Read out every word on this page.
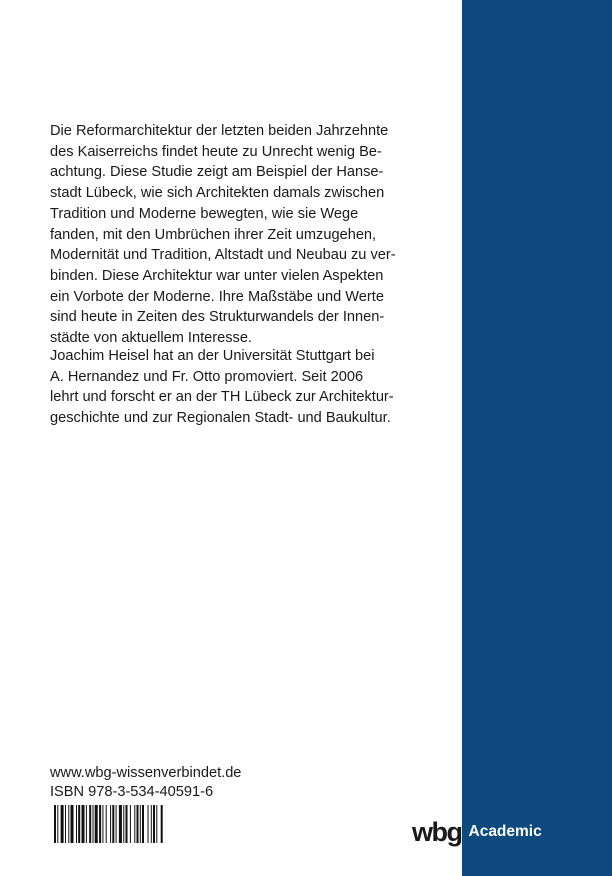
Die Reformarchitektur der letzten beiden Jahrzehnte
des Kaiserreichs findet heute zu Unrecht wenig Be-
achtung. Diese Studie zeigt am Beispiel der Hanse-
stadt Lübeck, wie sich Architekten damals zwischen
Tradition und Moderne bewegten, wie sie Wege
fanden, mit den Umbrüchen ihrer Zeit umzugehen,
Modernität und Tradition, Altstadt und Neubau zu ver-
binden. Diese Architektur war unter vielen Aspekten
ein Vorbote der Moderne. Ihre Maßstäbe und Werte
sind heute in Zeiten des Strukturwandels der Innen-
städte von aktuellem Interesse.
Joachim Heisel hat an der Universität Stuttgart bei
A. Hernandez und Fr. Otto promoviert. Seit 2006
lehrt und forscht er an der TH Lübeck zur Architektur-
geschichte und zur Regionalen Stadt- und Baukultur.
www.wbg-wissenverbindet.de
ISBN 978-3-534-40591-6
wbg Academic
